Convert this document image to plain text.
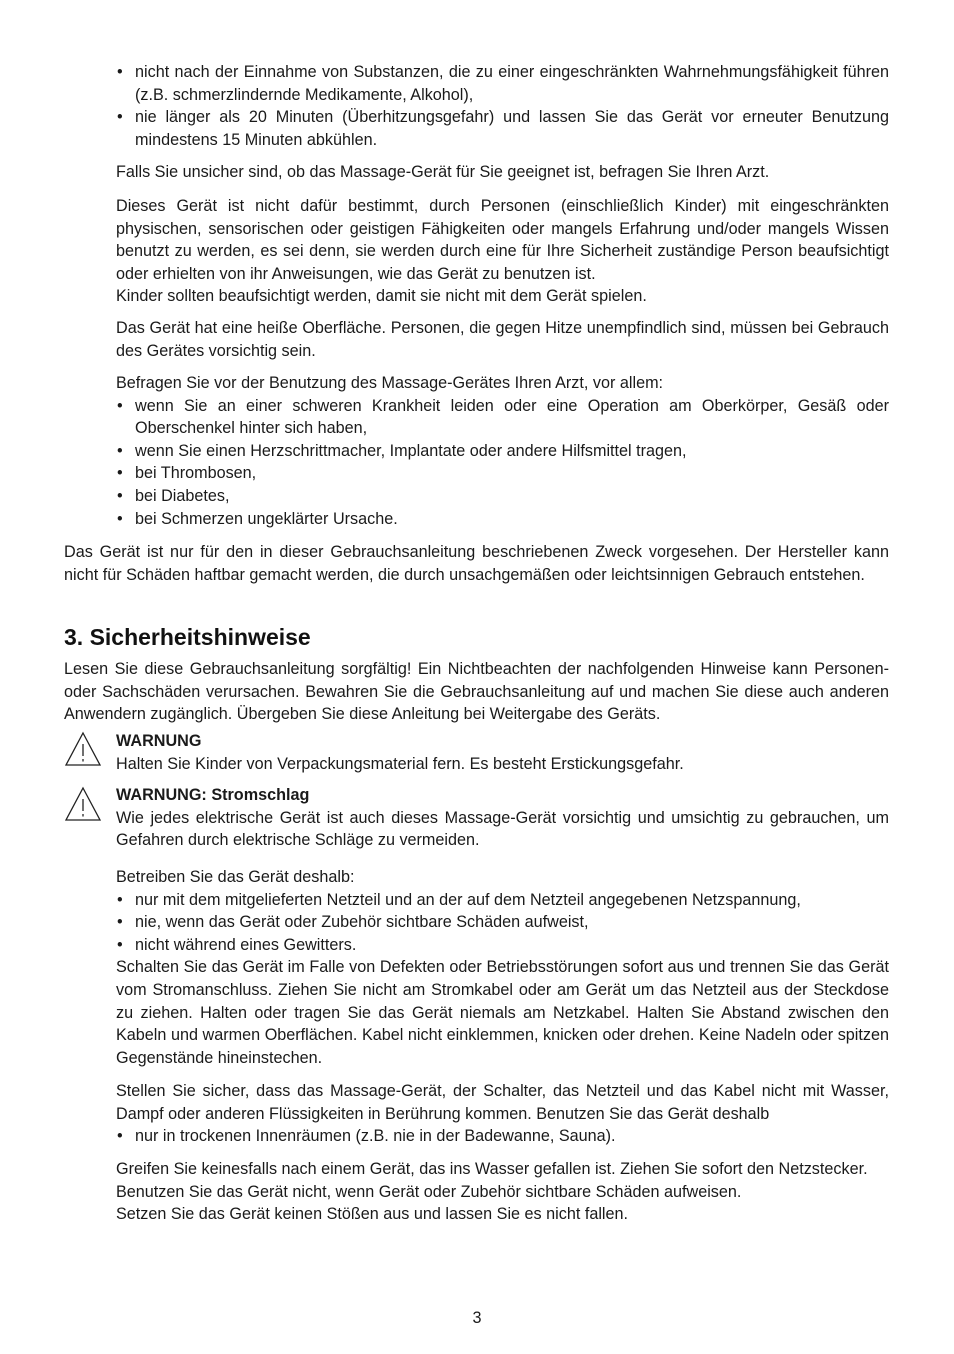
• nicht nach der Einnahme von Substanzen, die zu einer eingeschränkten Wahrnehmungsfähigkeit führen (z.B. schmerzlindernde Medikamente, Alkohol),
• nie länger als 20 Minuten (Überhitzungsgefahr) und lassen Sie das Gerät vor erneuter Benutzung mindestens 15 Minuten abkühlen.

Falls Sie unsicher sind, ob das Massage-Gerät für Sie geeignet ist, befragen Sie Ihren Arzt.

Dieses Gerät ist nicht dafür bestimmt, durch Personen (einschließlich Kinder) mit eingeschränkten physischen, sensorischen oder geistigen Fähigkeiten oder mangels Erfahrung und/oder mangels Wissen benutzt zu werden, es sei denn, sie werden durch eine für Ihre Sicherheit zuständige Person beaufsichtigt oder erhielten von ihr Anweisungen, wie das Gerät zu benutzen ist.

Kinder sollten beaufsichtigt werden, damit sie nicht mit dem Gerät spielen.

Das Gerät hat eine heiße Oberfläche. Personen, die gegen Hitze unempfindlich sind, müssen bei Gebrauch des Gerätes vorsichtig sein.

Befragen Sie vor der Benutzung des Massage-Gerätes Ihren Arzt, vor allem:

• wenn Sie an einer schweren Krankheit leiden oder eine Operation am Oberkörper, Gesäß oder Oberschenkel hinter sich haben,
• wenn Sie einen Herzschrittmacher, Implantate oder andere Hilfsmittel tragen,
• bei Thrombosen,
• bei Diabetes,
• bei Schmerzen ungeklärter Ursache.

Das Gerät ist nur für den in dieser Gebrauchsanleitung beschriebenen Zweck vorgesehen. Der Hersteller kann nicht für Schäden haftbar gemacht werden, die durch unsachgemäßen oder leichtsinnigen Gebrauch entstehen.

3. Sicherheitshinweise

Lesen Sie diese Gebrauchsanleitung sorgfältig! Ein Nichtbeachten der nachfolgenden Hinweise kann Personen- oder Sachschäden verursachen. Bewahren Sie die Gebrauchsanleitung auf und machen Sie diese auch anderen Anwendern zugänglich. Übergeben Sie diese Anleitung bei Weitergabe des Geräts.

WARNUNG

Halten Sie Kinder von Verpackungsmaterial fern. Es besteht Erstickungsgefahr.

WARNUNG: Stromschlag

Wie jedes elektrische Gerät ist auch dieses Massage-Gerät vorsichtig und umsichtig zu gebrauchen, um Gefahren durch elektrische Schläge zu vermeiden.

Betreiben Sie das Gerät deshalb:

• nur mit dem mitgelieferten Netzteil und an der auf dem Netzteil angegebenen Netzspannung,
• nie, wenn das Gerät oder Zubehör sichtbare Schäden aufweist,
• nicht während eines Gewitters.

Schalten Sie das Gerät im Falle von Defekten oder Betriebsstörungen sofort aus und trennen Sie das Gerät vom Stromanschluss. Ziehen Sie nicht am Stromkabel oder am Gerät um das Netzteil aus der Steckdose zu ziehen. Halten oder tragen Sie das Gerät niemals am Netzkabel. Halten Sie Abstand zwischen den Kabeln und warmen Oberflächen. Kabel nicht einklemmen, knicken oder drehen. Keine Nadeln oder spitzen Gegenstände hineinstechen.

Stellen Sie sicher, dass das Massage-Gerät, der Schalter, das Netzteil und das Kabel nicht mit Wasser, Dampf oder anderen Flüssigkeiten in Berührung kommen. Benutzen Sie das Gerät deshalb

• nur in trockenen Innenräumen (z.B. nie in der Badewanne, Sauna).

Greifen Sie keinesfalls nach einem Gerät, das ins Wasser gefallen ist. Ziehen Sie sofort den Netzstecker.

Benutzen Sie das Gerät nicht, wenn Gerät oder Zubehör sichtbare Schäden aufweisen.

Setzen Sie das Gerät keinen Stößen aus und lassen Sie es nicht fallen.

3
